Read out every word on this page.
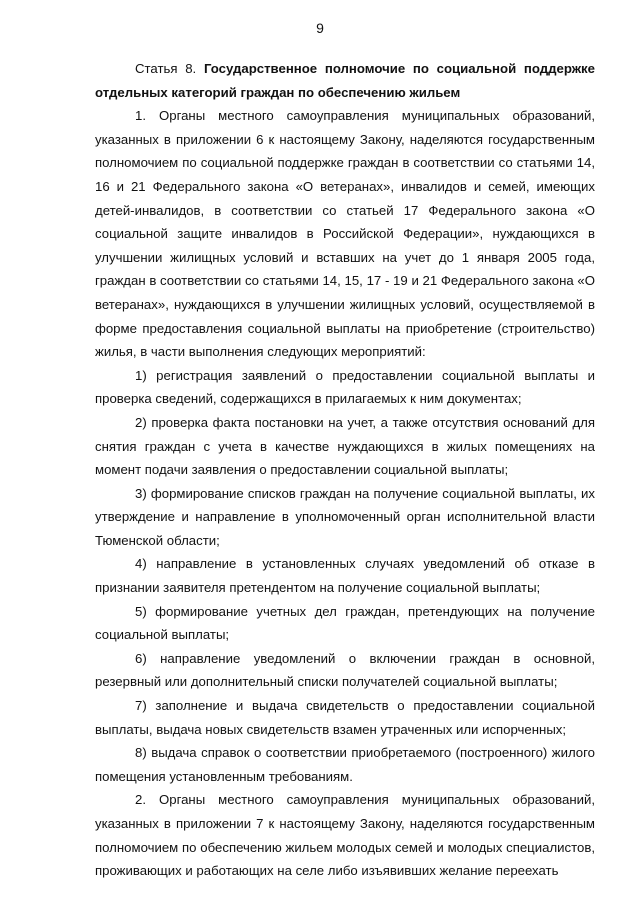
9

Статья 8. Государственное полномочие по социальной поддержке отдельных категорий граждан по обеспечению жильем

1. Органы местного самоуправления муниципальных образований, указанных в приложении 6 к настоящему Закону, наделяются государственным полномочием по социальной поддержке граждан в соответствии со статьями 14, 16 и 21 Федерального закона «О ветеранах», инвалидов и семей, имеющих детей-инвалидов, в соответствии со статьей 17 Федерального закона «О социальной защите инвалидов в Российской Федерации», нуждающихся в улучшении жилищных условий и вставших на учет до 1 января 2005 года, граждан в соответствии со статьями 14, 15, 17 - 19 и 21 Федерального закона «О ветеранах», нуждающихся в улучшении жилищных условий, осуществляемой в форме предоставления социальной выплаты на приобретение (строительство) жилья, в части выполнения следующих мероприятий:

1) регистрация заявлений о предоставлении социальной выплаты и проверка сведений, содержащихся в прилагаемых к ним документах;

2) проверка факта постановки на учет, а также отсутствия оснований для снятия граждан с учета в качестве нуждающихся в жилых помещениях на момент подачи заявления о предоставлении социальной выплаты;

3) формирование списков граждан на получение социальной выплаты, их утверждение и направление в уполномоченный орган исполнительной власти Тюменской области;

4) направление в установленных случаях уведомлений об отказе в признании заявителя претендентом на получение социальной выплаты;

5) формирование учетных дел граждан, претендующих на получение социальной выплаты;

6) направление уведомлений о включении граждан в основной, резервный или дополнительный списки получателей социальной выплаты;

7) заполнение и выдача свидетельств о предоставлении социальной выплаты, выдача новых свидетельств взамен утраченных или испорченных;

8) выдача справок о соответствии приобретаемого (построенного) жилого помещения установленным требованиям.

2. Органы местного самоуправления муниципальных образований, указанных в приложении 7 к настоящему Закону, наделяются государственным полномочием по обеспечению жильем молодых семей и молодых специалистов, проживающих и работающих на селе либо изъявивших желание переехать
